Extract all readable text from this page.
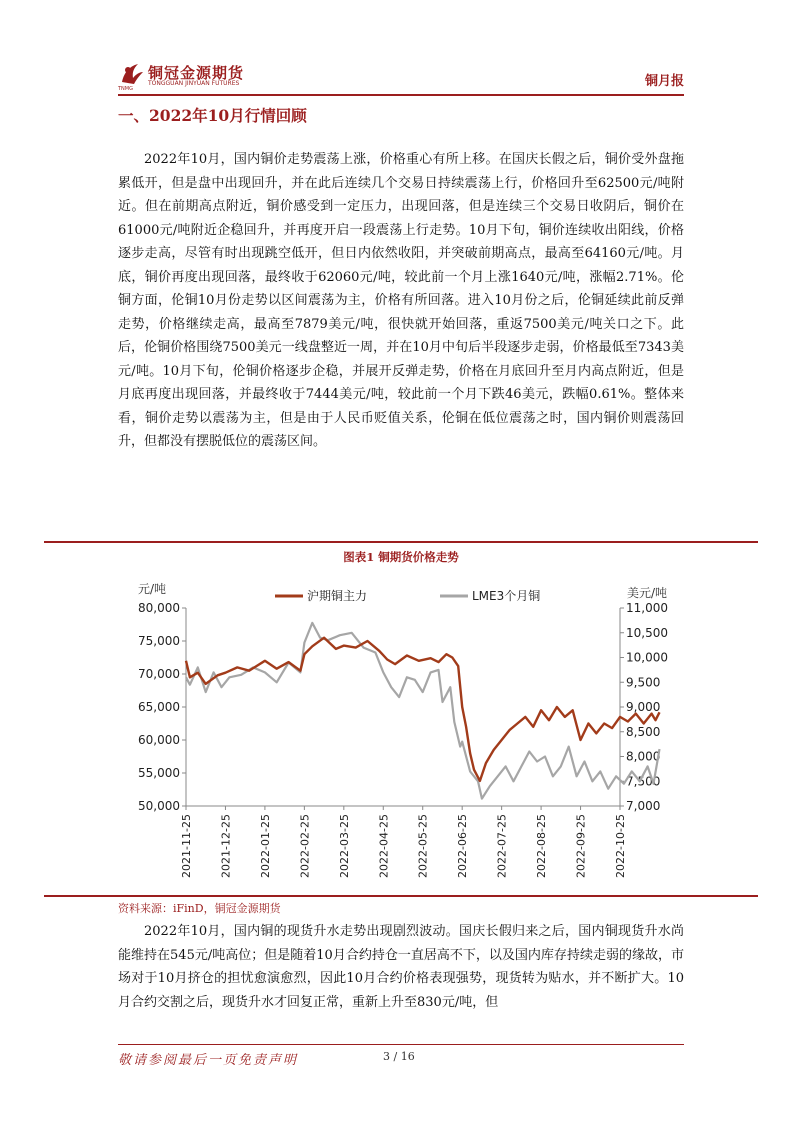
铜冠金源期货
TONGGUAN JINYUAN FUTURES
TNMG	铜月报
一、2022年10月行情回顾

2022年10月，国内铜价走势震荡上涨，价格重心有所上移。在国庆长假之后，铜价受外盘拖累低开，但是盘中出现回升，并在此后连续几个交易日持续震荡上行，价格回升至62500元/吨附近。但在前期高点附近，铜价感受到一定压力，出现回落，但是连续三个交易日收阴后，铜价在61000元/吨附近企稳回升，并再度开启一段震荡上行走势。10月下旬，铜价连续收出阳线，价格逐步走高，尽管有时出现跳空低开，但日内依然收阳，并突破前期高点，最高至64160元/吨。月底，铜价再度出现回落，最终收于62060元/吨，较此前一个月上涨1640元/吨，涨幅2.71%。伦铜方面，伦铜10月份走势以区间震荡为主，价格有所回落。进入10月份之后，伦铜延续此前反弹走势，价格继续走高，最高至7879美元/吨，很快就开始回落，重返7500美元/吨关口之下。此后，伦铜价格围绕7500美元一线盘整近一周，并在10月中旬后半段逐步走弱，价格最低至7343美元/吨。10月下旬，伦铜价格逐步企稳，并展开反弹走势，价格在月底回升至月内高点附近，但是月底再度出现回落，并最终收于7444美元/吨，较此前一个月下跌46美元，跌幅0.61%。整体来看，铜价走势以震荡为主，但是由于人民币贬值关系，伦铜在低位震荡之时，国内铜价则震荡回升，但都没有摆脱低位的震荡区间。

图表1 铜期货价格走势
80,000
75,000
70,000
65,000
60,000
55,000
50,000
11,000
10,500
10,000
9,500
9,000
8,500
8,000
7,500
7,000
2021-11-25 2021-12-25 2022-01-25 2022-02-25 2022-03-25 2022-04-25 2022-05-25 2022-06-25 2022-07-25 2022-08-25 2022-09-25 2022-10-25
沪期铜主力	LME3个月铜
元/吨	美元/吨
资料来源：iFinD，铜冠金源期货

2022年10月，国内铜的现货升水走势出现剧烈波动。国庆长假归来之后，国内铜现货升水尚能维持在545元/吨高位；但是随着10月合约持仓一直居高不下，以及国内库存持续走弱的缘故，市场对于10月挤仓的担忧愈演愈烈，因此10月合约价格表现强势，现货转为贴水，并不断扩大。10月合约交割之后，现货升水才回复正常，重新上升至830元/吨，但

敬请参阅最后一页免责声明	3 / 16
